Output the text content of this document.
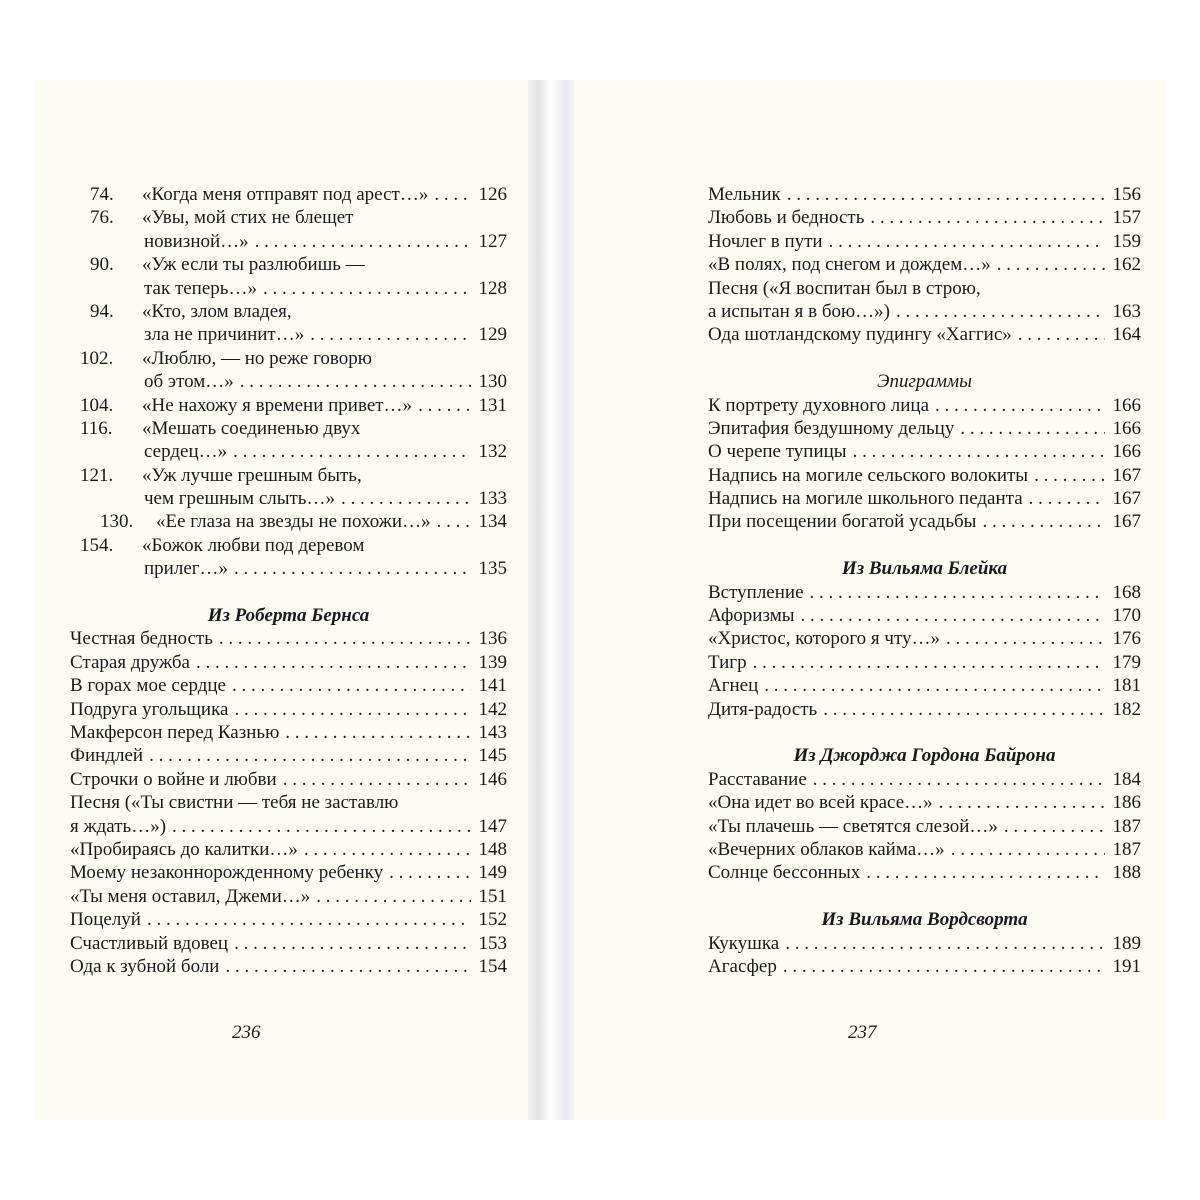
74.	«Когда меня отправят под арест…» . . .	126
76.	«Увы, мой стих не блещет
новизной…» . . .	127
90.	«Уж если ты разлюбишь —
так теперь…» . . .	128
94.	«Кто, злом владея,
зла не причинит…» . . .	129
102.	«Люблю, — но реже говорю
об этом…» . . .	130
104.	«Не нахожу я времени привет…» . . .	131
116.	«Мешать соединенью двух
сердец…» . . .	132
121.	«Уж лучше грешным быть,
чем грешным слыть…» . . .	133
130.	«Ее глаза на звезды не похожи…» . . .	134
154.	«Божок любви под деревом
прилег…» . . .	135
Из Роберта Бернса
Честная бедность . . .	136
Старая дружба . . .	139
В горах мое сердце . . .	141
Подруга угольщика . . .	142
Макферсон перед Казнью . . .	143
Финдлей . . .	145
Строчки о войне и любви . . .	146
Песня («Ты свистни — тебя не заставлю
я ждать…») . . .	147
«Пробираясь до калитки…» . . .	148
Моему незаконнорожденному ребенку . . .	149
«Ты меня оставил, Джеми…» . . .	151
Поцелуй . . .	152
Счастливый вдовец . . .	153
Ода к зубной боли . . .	154
Мельник . . .	156
Любовь и бедность . . .	157
Ночлег в пути . . .	159
«В полях, под снегом и дождем…» . . .	162
Песня («Я воспитан был в строю,
а испытан я в бою…») . . .	163
Ода шотландскому пудингу «Хаггис» . . .	164
Эпиграммы
К портрету духовного лица . . .	166
Эпитафия бездушному дельцу . . .	166
О черепе тупицы . . .	166
Надпись на могиле сельского волокиты . . .	167
Надпись на могиле школьного педанта . . .	167
При посещении богатой усадьбы . . .	167
Из Вильяма Блейка
Вступление . . .	168
Афоризмы . . .	170
«Христос, которого я чту…» . . .	176
Тигр . . .	179
Агнец . . .	181
Дитя-радость . . .	182
Из Джорджа Гордона Байрона
Расставание . . .	184
«Она идет во всей красе…» . . .	186
«Ты плачешь — светятся слезой…» . . .	187
«Вечерних облаков кайма…» . . .	187
Солнце бессонных . . .	188
Из Вильяма Вордсворта
Кукушка . . .	189
Агасфер . . .	191
236	237
